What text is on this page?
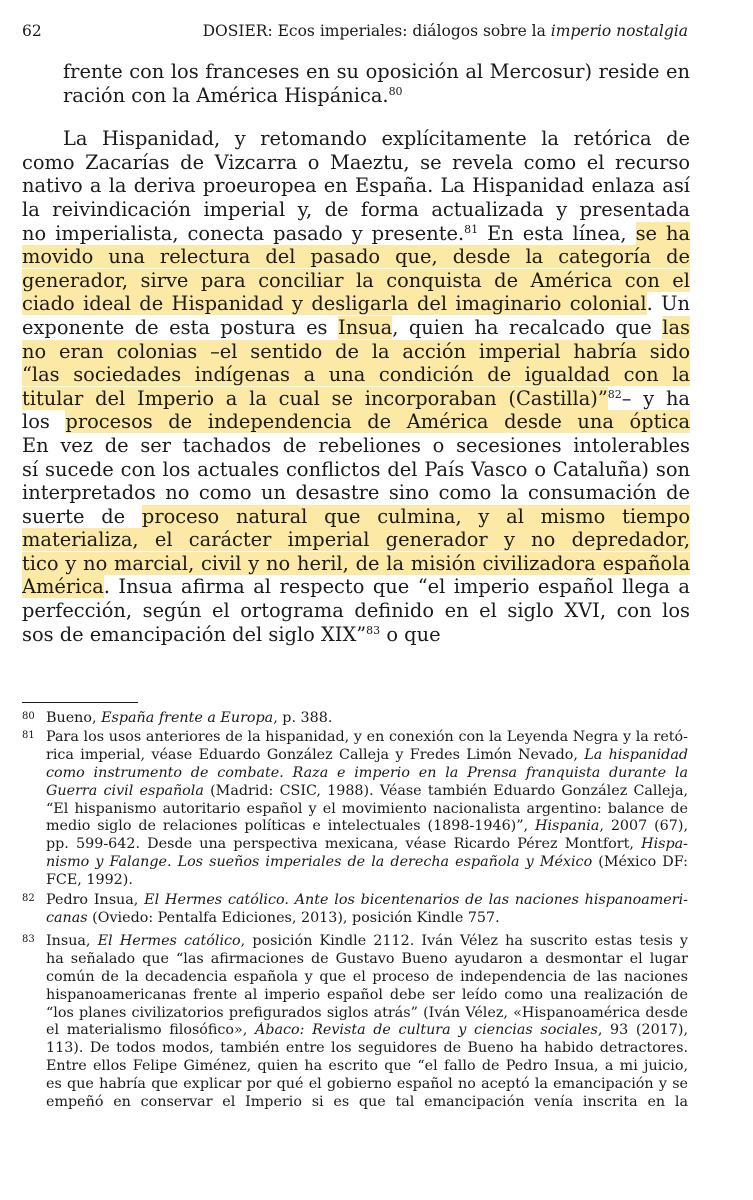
62	DOSIER: Ecos imperiales: diálogos sobre la imperio nostalgia
frente con los franceses en su oposición al Mercosur) reside en
ración con la América Hispánica.$^{80}$
La Hispanidad, y retomando explícitamente la retórica de
como Zacarías de Vizcarra o Maeztu, se revela como el recurso
nativo a la deriva proeuropea en España. La Hispanidad enlaza así
la reivindicación imperial y, de forma actualizada y presentada
no imperialista, conecta pasado y presente.$^{81}$ En esta línea, se ha
movido una relectura del pasado que, desde la categoría de
generador, sirve para conciliar la conquista de América con el
ciado ideal de Hispanidad y desligarla del imaginario colonial. Un
exponente de esta postura es Insua, quien ha recalcado que las
no eran colonias –el sentido de la acción imperial habría sido
“las sociedades indígenas a una condición de igualdad con la
titular del Imperio a la cual se incorporaban (Castilla)”$^{82}$– y ha
los procesos de independencia de América desde una óptica
En vez de ser tachados de rebeliones o secesiones intolerables
sí sucede con los actuales conflictos del País Vasco o Cataluña) son
interpretados no como un desastre sino como la consumación de
suerte de proceso natural que culmina, y al mismo tiempo
materializa, el carácter imperial generador y no depredador,
tico y no marcial, civil y no heril, de la misión civilizadora española
América. Insua afirma al respecto que “el imperio español llega a
perfección, según el ortograma definido en el siglo XVI, con los
sos de emancipación del siglo XIX”$^{83}$ o que
80 Bueno, España frente a Europa, p. 388.
81 Para los usos anteriores de la hispanidad, y en conexión con la Leyenda Negra y la retó-
rica imperial, véase Eduardo González Calleja y Fredes Limón Nevado, La hispanidad
como instrumento de combate. Raza e imperio en la Prensa franquista durante la
Guerra civil española (Madrid: CSIC, 1988). Véase también Eduardo González Calleja,
“El hispanismo autoritario español y el movimiento nacionalista argentino: balance de
medio siglo de relaciones políticas e intelectuales (1898-1946)”, Hispania, 2007 (67),
pp. 599-642. Desde una perspectiva mexicana, véase Ricardo Pérez Montfort, Hispa-
nismo y Falange. Los sueños imperiales de la derecha española y México (México DF:
FCE, 1992).
82 Pedro Insua, El Hermes católico. Ante los bicentenarios de las naciones hispanoameri-
canas (Oviedo: Pentalfa Ediciones, 2013), posición Kindle 757.
83 Insua, El Hermes católico, posición Kindle 2112. Iván Vélez ha suscrito estas tesis y
ha señalado que “las afirmaciones de Gustavo Bueno ayudaron a desmontar el lugar
común de la decadencia española y que el proceso de independencia de las naciones
hispanoamericanas frente al imperio español debe ser leído como una realización de
“los planes civilizatorios prefigurados siglos atrás” (Iván Vélez, «Hispanoamérica desde
el materialismo filosófico», Ábaco: Revista de cultura y ciencias sociales, 93 (2017),
113). De todos modos, también entre los seguidores de Bueno ha habido detractores.
Entre ellos Felipe Giménez, quien ha escrito que “el fallo de Pedro Insua, a mi juicio,
es que habría que explicar por qué el gobierno español no aceptó la emancipación y se
empeñó en conservar el Imperio si es que tal emancipación venía inscrita en la
